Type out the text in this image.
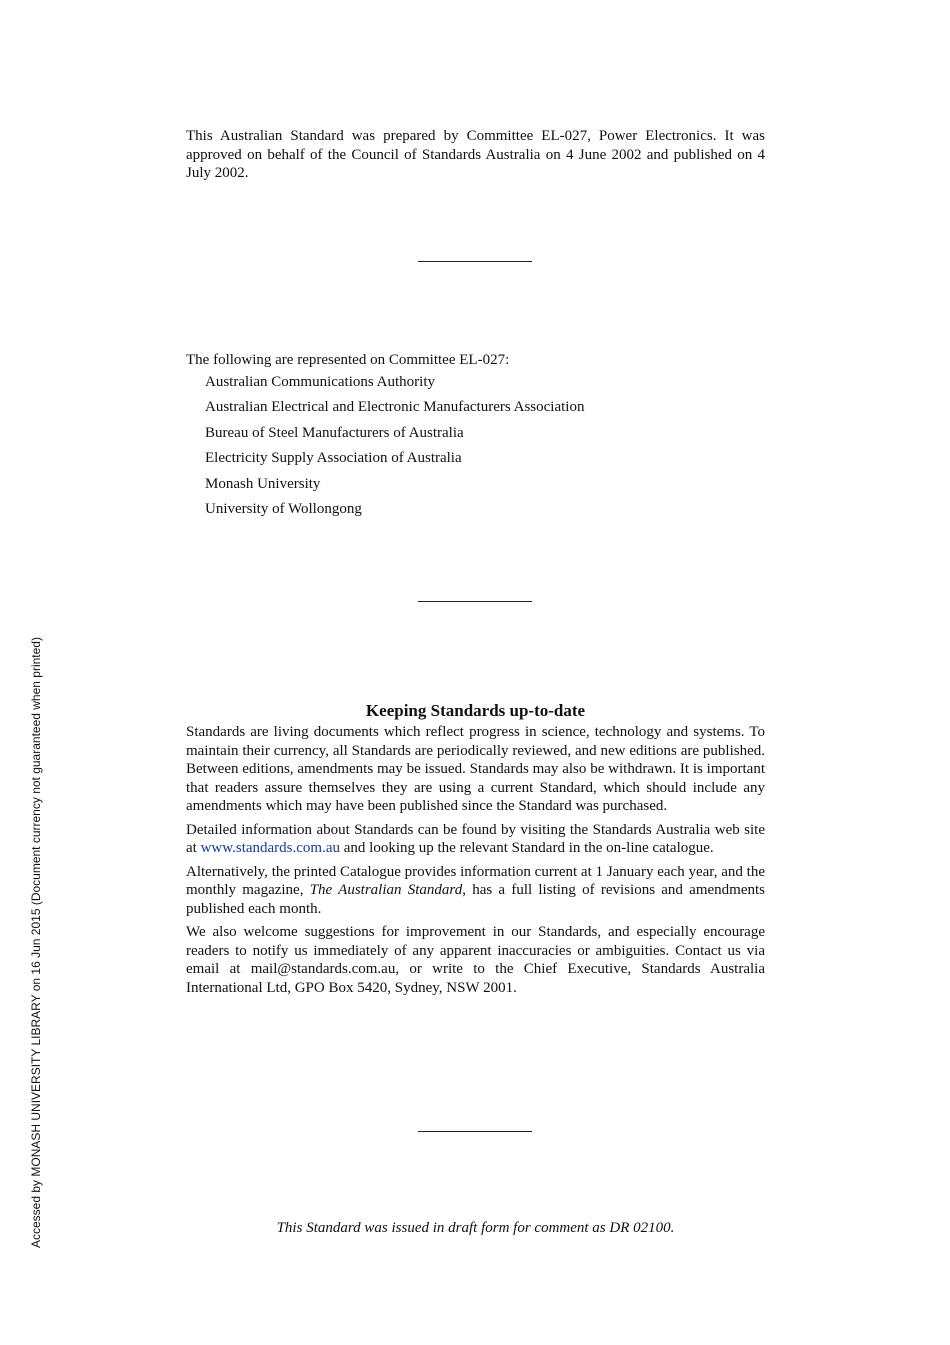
This Australian Standard was prepared by Committee EL-027, Power Electronics. It was approved on behalf of the Council of Standards Australia on 4 June 2002 and published on 4 July 2002.

The following are represented on Committee EL-027:

Australian Communications Authority
Australian Electrical and Electronic Manufacturers Association
Bureau of Steel Manufacturers of Australia
Electricity Supply Association of Australia
Monash University
University of Wollongong
Keeping Standards up-to-date

Standards are living documents which reflect progress in science, technology and systems. To maintain their currency, all Standards are periodically reviewed, and new editions are published. Between editions, amendments may be issued. Standards may also be withdrawn. It is important that readers assure themselves they are using a current Standard, which should include any amendments which may have been published since the Standard was purchased.

Detailed information about Standards can be found by visiting the Standards Australia web site at www.standards.com.au and looking up the relevant Standard in the on-line catalogue.

Alternatively, the printed Catalogue provides information current at 1 January each year, and the monthly magazine, The Australian Standard, has a full listing of revisions and amendments published each month.

We also welcome suggestions for improvement in our Standards, and especially encourage readers to notify us immediately of any apparent inaccuracies or ambiguities. Contact us via email at mail@standards.com.au, or write to the Chief Executive, Standards Australia International Ltd, GPO Box 5420, Sydney, NSW 2001.

This Standard was issued in draft form for comment as DR 02100.
Accessed by MONASH UNIVERSITY LIBRARY on 16 Jun 2015 (Document currency not guaranteed when printed)
